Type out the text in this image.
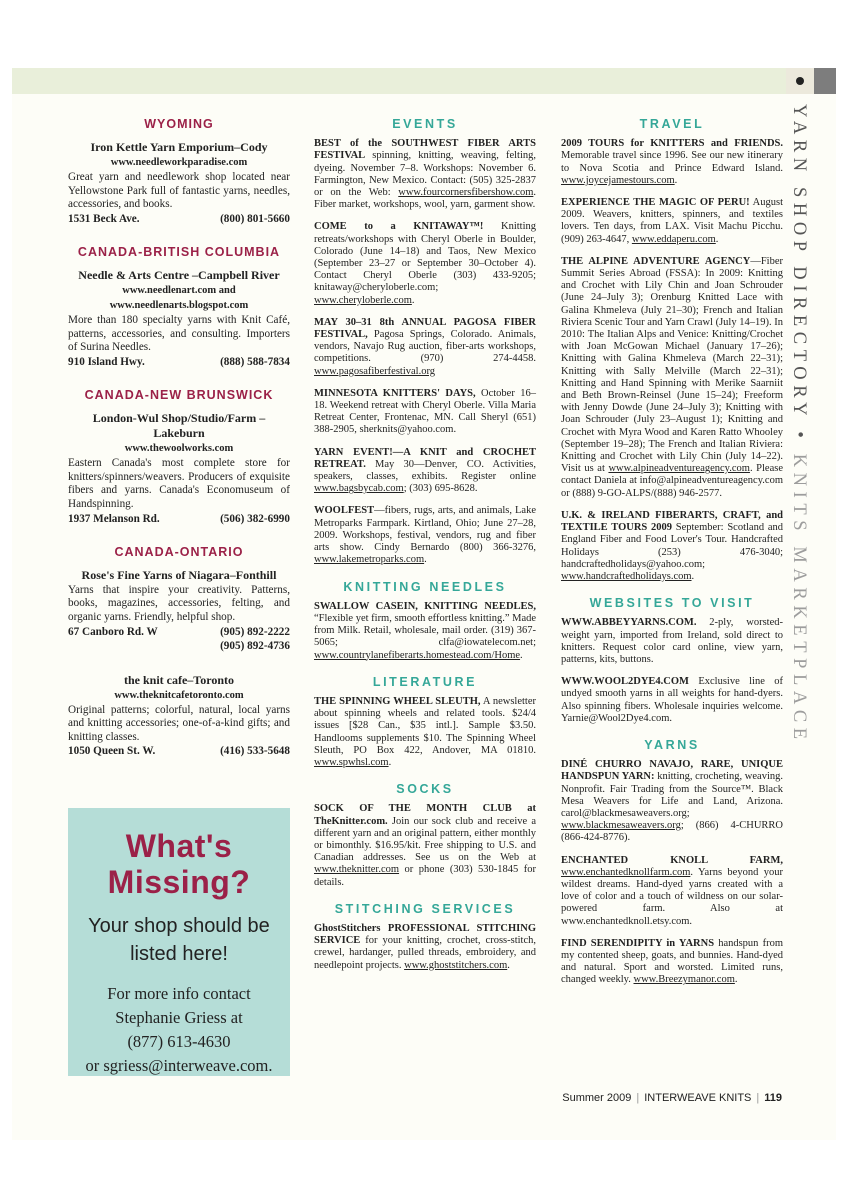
YARN SHOP DIRECTORY • KNITS MARKETPLACE
WYOMING
Iron Kettle Yarn Emporium–Cody
www.needleworkparadise.com
Great yarn and needlework shop located near Yellowstone Park full of fantastic yarns, needles, accessories, and books.
1531 Beck Ave.	(800) 801-5660
CANADA-BRITISH COLUMBIA
Needle & Arts Centre –Campbell River
www.needlenart.com and www.needlenarts.blogspot.com
More than 180 specialty yarns with Knit Café, patterns, accessories, and consulting. Importers of Surina Needles.
910 Island Hwy.	(888) 588-7834
CANADA-NEW BRUNSWICK
London-Wul Shop/Studio/Farm –Lakeburn
www.thewoolworks.com
Eastern Canada's most complete store for knitters/spinners/weavers. Producers of exquisite fibers and yarns. Canada's Economuseum of Handspinning.
1937 Melanson Rd.	(506) 382-6990
CANADA-ONTARIO
Rose's Fine Yarns of Niagara–Fonthill
Yarns that inspire your creativity. Patterns, books, magazines, accessories, felting, and organic yarns. Friendly, helpful shop.
67 Canboro Rd. W	(905) 892-2222
(905) 892-4736
the knit cafe–Toronto
www.theknitcafetoronto.com
Original patterns; colorful, natural, local yarns and knitting accessories; one-of-a-kind gifts; and knitting classes.
1050 Queen St. W.	(416) 533-5648
What's Missing?
Your shop should be listed here!
For more info contact
Stephanie Griess at
(877) 613-4630
or sgriess@interweave.com.
EVENTS

BEST of the SOUTHWEST FIBER ARTS FESTIVAL spinning, knitting, weaving, felting, dyeing. November 7–8. Workshops: November 6. Farmington, New Mexico. Contact: (505) 325-2837 or on the Web: www.fourcornersfibershow.com. Fiber market, workshops, wool, yarn, garment show.

COME to a KNITAWAY™! Knitting retreats/workshops with Cheryl Oberle in Boulder, Colorado (June 14–18) and Taos, New Mexico (September 23–27 or September 30–October 4). Contact Cheryl Oberle (303) 433-9205; knitaway@cheryloberle.com; www.cheryloberle.com.

MAY 30–31 8th ANNUAL PAGOSA FIBER FESTIVAL, Pagosa Springs, Colorado. Animals, vendors, Navajo Rug auction, fiber-arts workshops, competitions. (970) 274-4458. www.pagosafiberfestival.org

MINNESOTA KNITTERS' DAYS, October 16–18. Weekend retreat with Cheryl Oberle. Villa Maria Retreat Center, Frontenac, MN. Call Sheryl (651) 388-2905, sherknits@yahoo.com.

YARN EVENT!—A KNIT and CROCHET RETREAT. May 30—Denver, CO. Activities, speakers, classes, exhibits. Register online www.bagsbycab.com; (303) 695-8628.

WOOLFEST—fibers, rugs, arts, and animals, Lake Metroparks Farmpark. Kirtland, Ohio; June 27–28, 2009. Workshops, festival, vendors, rug and fiber arts show. Cindy Bernardo (800) 366-3276, www.lakemetroparks.com.

KNITTING NEEDLES

SWALLOW CASEIN, KNITTING NEEDLES, “Flexible yet firm, smooth effortless knitting.” Made from Milk. Retail, wholesale, mail order. (319) 367-5065; clfa@iowatelecom.net; www.countrylanefiberarts.homestead.com/Home.

LITERATURE

THE SPINNING WHEEL SLEUTH, A newsletter about spinning wheels and related tools. $24/4 issues [$28 Can., $35 intl.]. Sample $3.50. Handlooms supplements $10. The Spinning Wheel Sleuth, PO Box 422, Andover, MA 01810. www.spwhsl.com.

SOCKS

SOCK OF THE MONTH CLUB at TheKnitter.com. Join our sock club and receive a different yarn and an original pattern, either monthly or bimonthly. $16.95/kit. Free shipping to U.S. and Canadian addresses. See us on the Web at www.theknitter.com or phone (303) 530-1845 for details.

STITCHING SERVICES

GhostStitchers PROFESSIONAL STITCHING SERVICE for your knitting, crochet, cross-stitch, crewel, hardanger, pulled threads, embroidery, and needlepoint projects. www.ghoststitchers.com.

TRAVEL

2009 TOURS for KNITTERS and FRIENDS. Memorable travel since 1996. See our new itinerary to Nova Scotia and Prince Edward Island. www.joycejamestours.com.

EXPERIENCE THE MAGIC OF PERU! August 2009. Weavers, knitters, spinners, and textiles lovers. Ten days, from LAX. Visit Machu Picchu. (909) 263-4647, www.eddaperu.com.

THE ALPINE ADVENTURE AGENCY—Fiber Summit Series Abroad (FSSA): In 2009: Knitting and Crochet with Lily Chin and Joan Schrouder (June 24–July 3); Orenburg Knitted Lace with Galina Khmeleva (July 21–30); French and Italian Riviera Scenic Tour and Yarn Crawl (July 14–19). In 2010: The Italian Alps and Venice: Knitting/Crochet with Joan McGowan Michael (January 17–26); Knitting with Galina Khmeleva (March 22–31); Knitting with Sally Melville (March 22–31); Knitting and Hand Spinning with Merike Saarniit and Beth Brown-Reinsel (June 15–24); Freeform with Jenny Dowde (June 24–July 3); Knitting with Joan Schrouder (July 23–August 1); Knitting and Crochet with Myra Wood and Karen Ratto Whooley (September 19–28); The French and Italian Riviera: Knitting and Crochet with Lily Chin (July 14–22). Visit us at www.alpineadventureagency.com. Please contact Daniela at info@alpineadventureagency.com or (888) 9-GO-ALPS/(888) 946-2577.

U.K. & IRELAND FIBERARTS, CRAFT, and TEXTILE TOURS 2009 September: Scotland and England Fiber and Food Lover's Tour. Handcrafted Holidays (253) 476-3040; handcraftedholidays@yahoo.com; www.handcraftedholidays.com.

WEBSITES TO VISIT

WWW.ABBEYYARNS.COM. 2-ply, worsted-weight yarn, imported from Ireland, sold direct to knitters. Request color card online, view yarn, patterns, kits, buttons.

WWW.WOOL2DYE4.COM Exclusive line of undyed smooth yarns in all weights for hand-dyers. Also spinning fibers. Wholesale inquiries welcome. Yarnie@Wool2Dye4.com.

YARNS

DINÉ CHURRO NAVAJO, RARE, UNIQUE HANDSPUN YARN: knitting, crocheting, weaving. Nonprofit. Fair Trading from the Source™. Black Mesa Weavers for Life and Land, Arizona. carol@blackmesaweavers.org; www.blackmesaweavers.org; (866) 4-CHURRO (866-424-8776).

ENCHANTED KNOLL FARM, www.enchantedknollfarm.com. Yarns beyond your wildest dreams. Hand-dyed yarns created with a love of color and a touch of wildness on our solar-powered farm. Also at www.enchantedknoll.etsy.com.

FIND SERENDIPITY in YARNS handspun from my contented sheep, goats, and bunnies. Hand-dyed and natural. Sport and worsted. Limited runs, changed weekly. www.Breezymanor.com.

Summer 2009 | INTERWEAVE KNITS | 119
